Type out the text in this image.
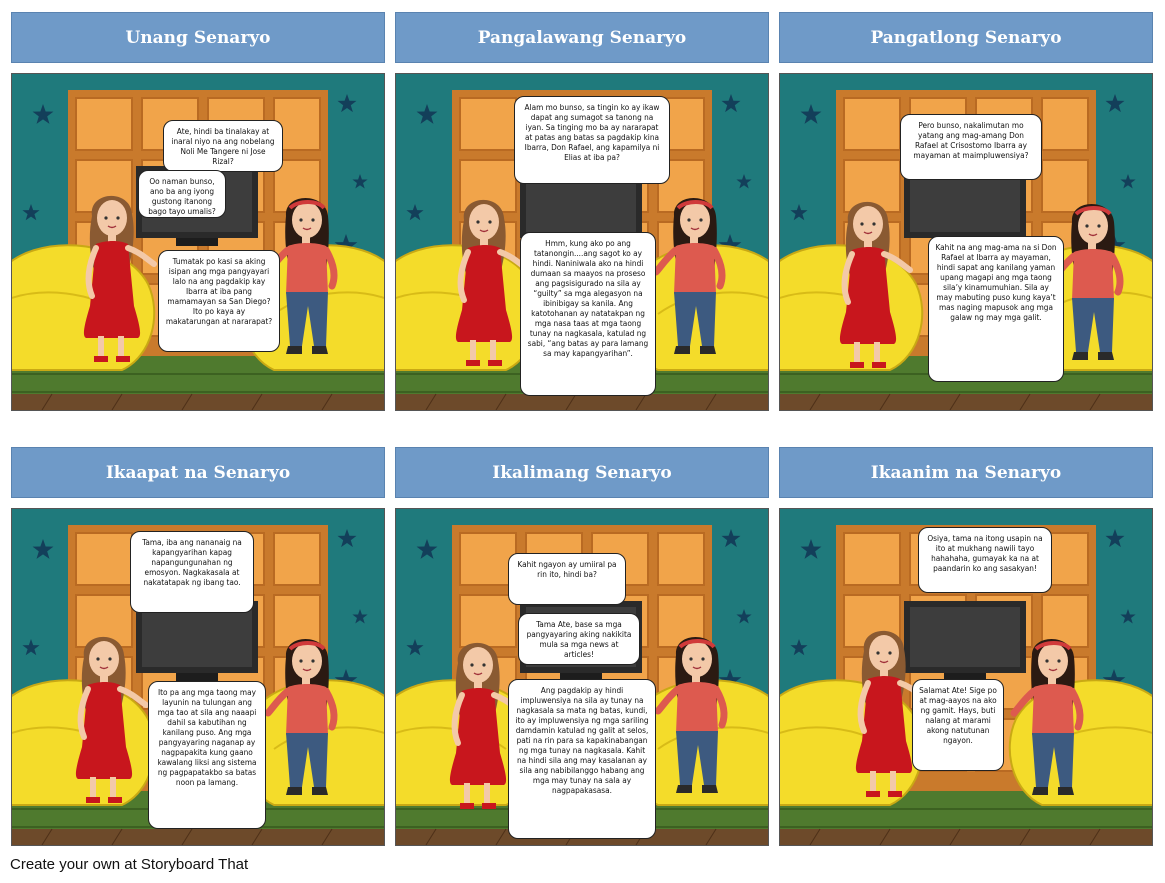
Unang Senaryo
Ate, hindi ba tinalakay at inaral niyo na ang nobelang Noli Me Tangere ni Jose Rizal?
Oo naman bunso, ano ba ang iyong gustong itanong bago tayo umalis?
Tumatak po kasi sa aking isipan ang mga pangyayari lalo na ang pagdakip kay Ibarra at iba pang mamamayan sa San Diego? Ito po kaya ay makatarungan at nararapat?
Pangalawang Senaryo
Alam mo bunso, sa tingin ko ay ikaw dapat ang sumagot sa tanong na iyan. Sa tinging mo ba ay nararapat at patas ang batas sa pagdakip kina Ibarra, Don Rafael, ang kapamilya ni Elias at iba pa?
Hmm, kung ako po ang tatanongin....ang sagot ko ay hindi. Naniniwala ako na hindi dumaan sa maayos na proseso ang pagsisigurado na sila ay “guilty” sa mga alegasyon na ibinibigay sa kanila. Ang katotohanan ay natatakpan ng mga nasa taas at mga taong tunay na nagkasala, katulad ng sabi, “ang batas ay para lamang sa may kapangyarihan”.
Pangatlong Senaryo
Pero bunso, nakalimutan mo yatang ang mag-amang Don Rafael at Crisostomo Ibarra ay mayaman at maimpluwensiya?
Kahit na ang mag-ama na si Don Rafael at Ibarra ay mayaman, hindi sapat ang kanilang yaman upang magapi ang mga taong sila’y kinamumuhian. Sila ay may mabuting puso kung kaya’t mas naging mapusok ang mga galaw ng may mga galit.
Ikaapat na Senaryo
Tama, iba ang nananaig na kapangyarihan kapag napangungunahan ng emosyon. Nagkakasala at nakatatapak ng ibang tao.
Ito pa ang mga taong may layunin na tulungan ang mga tao at sila ang naaapi dahil sa kabutihan ng kanilang puso. Ang mga pangyayaring naganap ay nagpapakita kung gaano kawalang liksi ang sistema ng pagpapatakbo sa batas noon pa lamang.
Ikalimang Senaryo
Kahit ngayon ay umiiral pa rin ito, hindi ba?
Tama Ate, base sa mga pangyayaring aking nakikita mula sa mga news at articles!
Ang pagdakip ay hindi impluwensiya na sila ay tunay na nagkasala sa mata ng batas, kundi, ito ay impluwensiya ng mga sariling damdamin katulad ng galit at selos, pati na rin para sa kapakinabangan ng mga tunay na nagkasala. Kahit na hindi sila ang may kasalanan ay sila ang nabibilanggo habang ang mga may tunay na sala ay nagpapakasasa.
Ikaanim na Senaryo
Osiya, tama na itong usapin na ito at mukhang nawili tayo hahahaha, gumayak ka na at paandarin ko ang sasakyan!
Salamat Ate! Sige po at mag-aayos na ako ng gamit. Hays, buti nalang at marami akong natutunan ngayon.
Create your own at Storyboard That
